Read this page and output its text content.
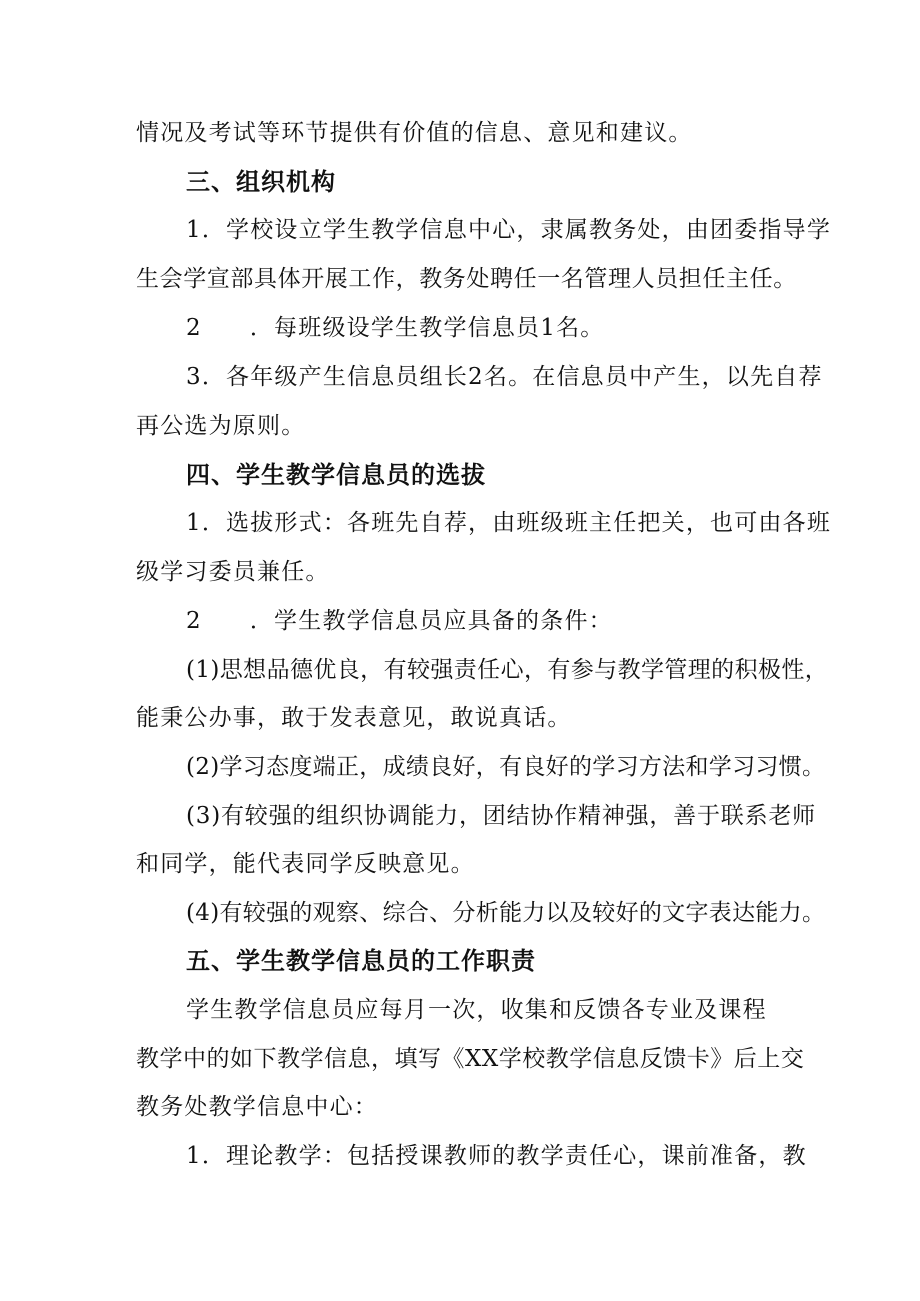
情况及考试等环节提供有价值的信息、意见和建议。
三、组织机构
1．学校设立学生教学信息中心，隶属教务处，由团委指导学
生会学宣部具体开展工作，教务处聘任一名管理人员担任主任。
2 ．每班级设学生教学信息员1名。
3．各年级产生信息员组长2名。在信息员中产生，以先自荐
再公选为原则。
四、学生教学信息员的选拔
1．选拔形式：各班先自荐，由班级班主任把关，也可由各班
级学习委员兼任。
2 ．学生教学信息员应具备的条件：
(1)思想品德优良，有较强责任心，有参与教学管理的积极性，
能秉公办事，敢于发表意见，敢说真话。
(2)学习态度端正，成绩良好，有良好的学习方法和学习习惯。
(3)有较强的组织协调能力，团结协作精神强，善于联系老师
和同学，能代表同学反映意见。
(4)有较强的观察、综合、分析能力以及较好的文字表达能力。
五、学生教学信息员的工作职责
学生教学信息员应每月一次，收集和反馈各专业及课程
教学中的如下教学信息，填写《XX学校教学信息反馈卡》后上交
教务处教学信息中心：
1．理论教学：包括授课教师的教学责任心，课前准备，教
